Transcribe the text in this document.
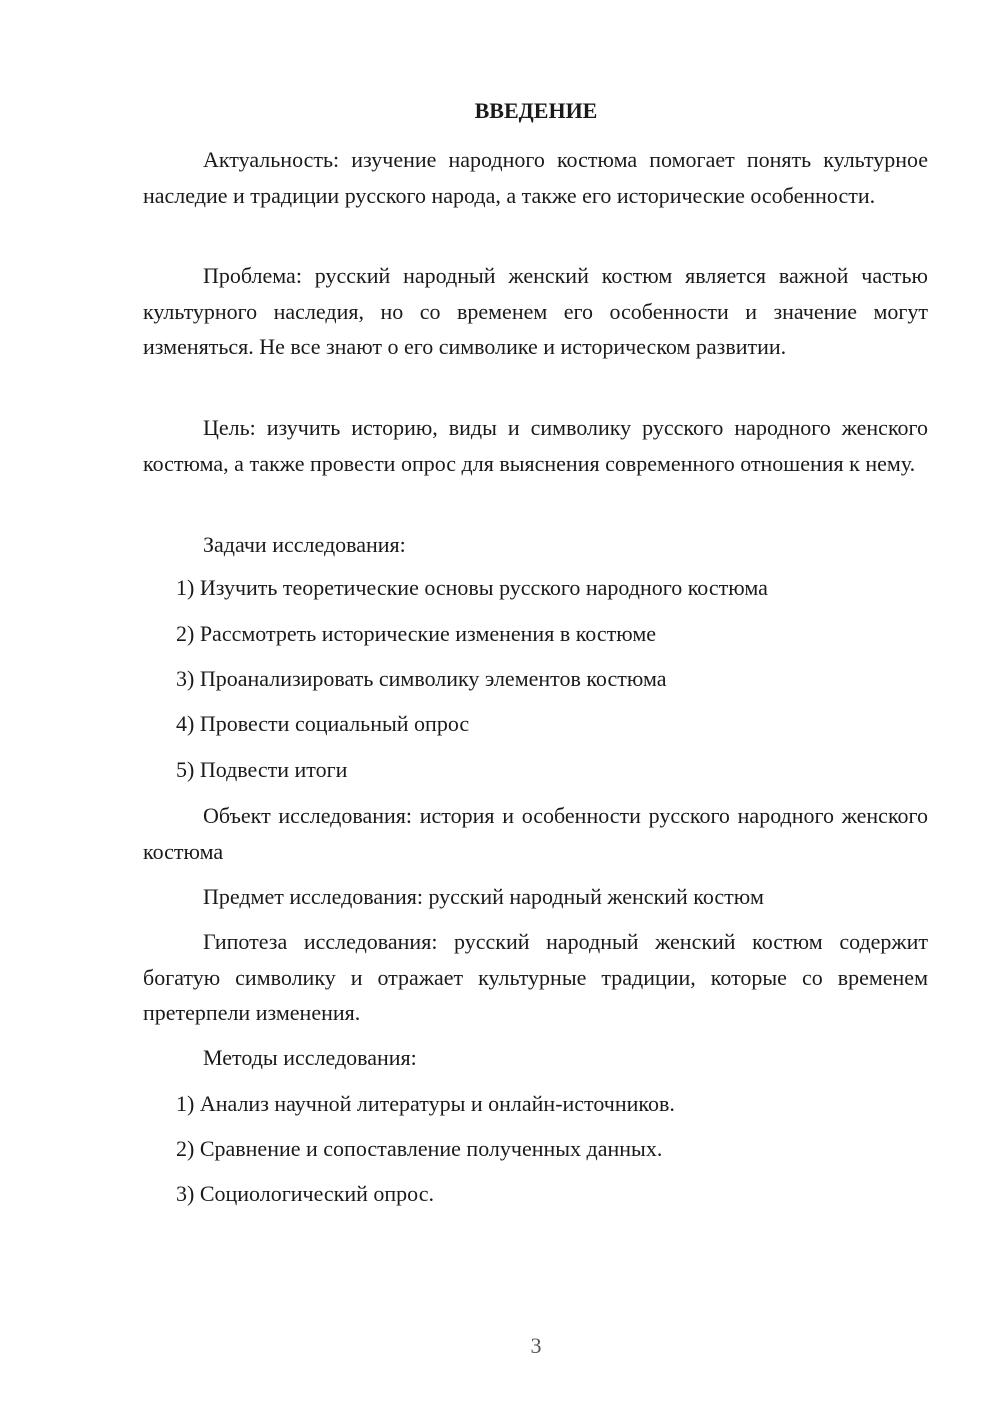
ВВЕДЕНИЕ

Актуальность: изучение народного костюма помогает понять культурное наследие и традиции русского народа, а также его исторические особенности.

Проблема: русский народный женский костюм является важной частью культурного наследия, но со временем его особенности и значение могут изменяться. Не все знают о его символике и историческом развитии.

Цель: изучить историю, виды и символику русского народного женского костюма, а также провести опрос для выяснения современного отношения к нему.

Задачи исследования:

1) Изучить теоретические основы русского народного костюма

2) Рассмотреть исторические изменения в костюме

3) Проанализировать символику элементов костюма

4) Провести социальный опрос

5) Подвести итоги

Объект исследования: история и особенности русского народного женского костюма

Предмет исследования: русский народный женский костюм

Гипотеза исследования: русский народный женский костюм содержит богатую символику и отражает культурные традиции, которые со временем претерпели изменения.

Методы исследования:

1) Анализ научной литературы и онлайн-источников.

2) Сравнение и сопоставление полученных данных.

3) Социологический опрос.

3
